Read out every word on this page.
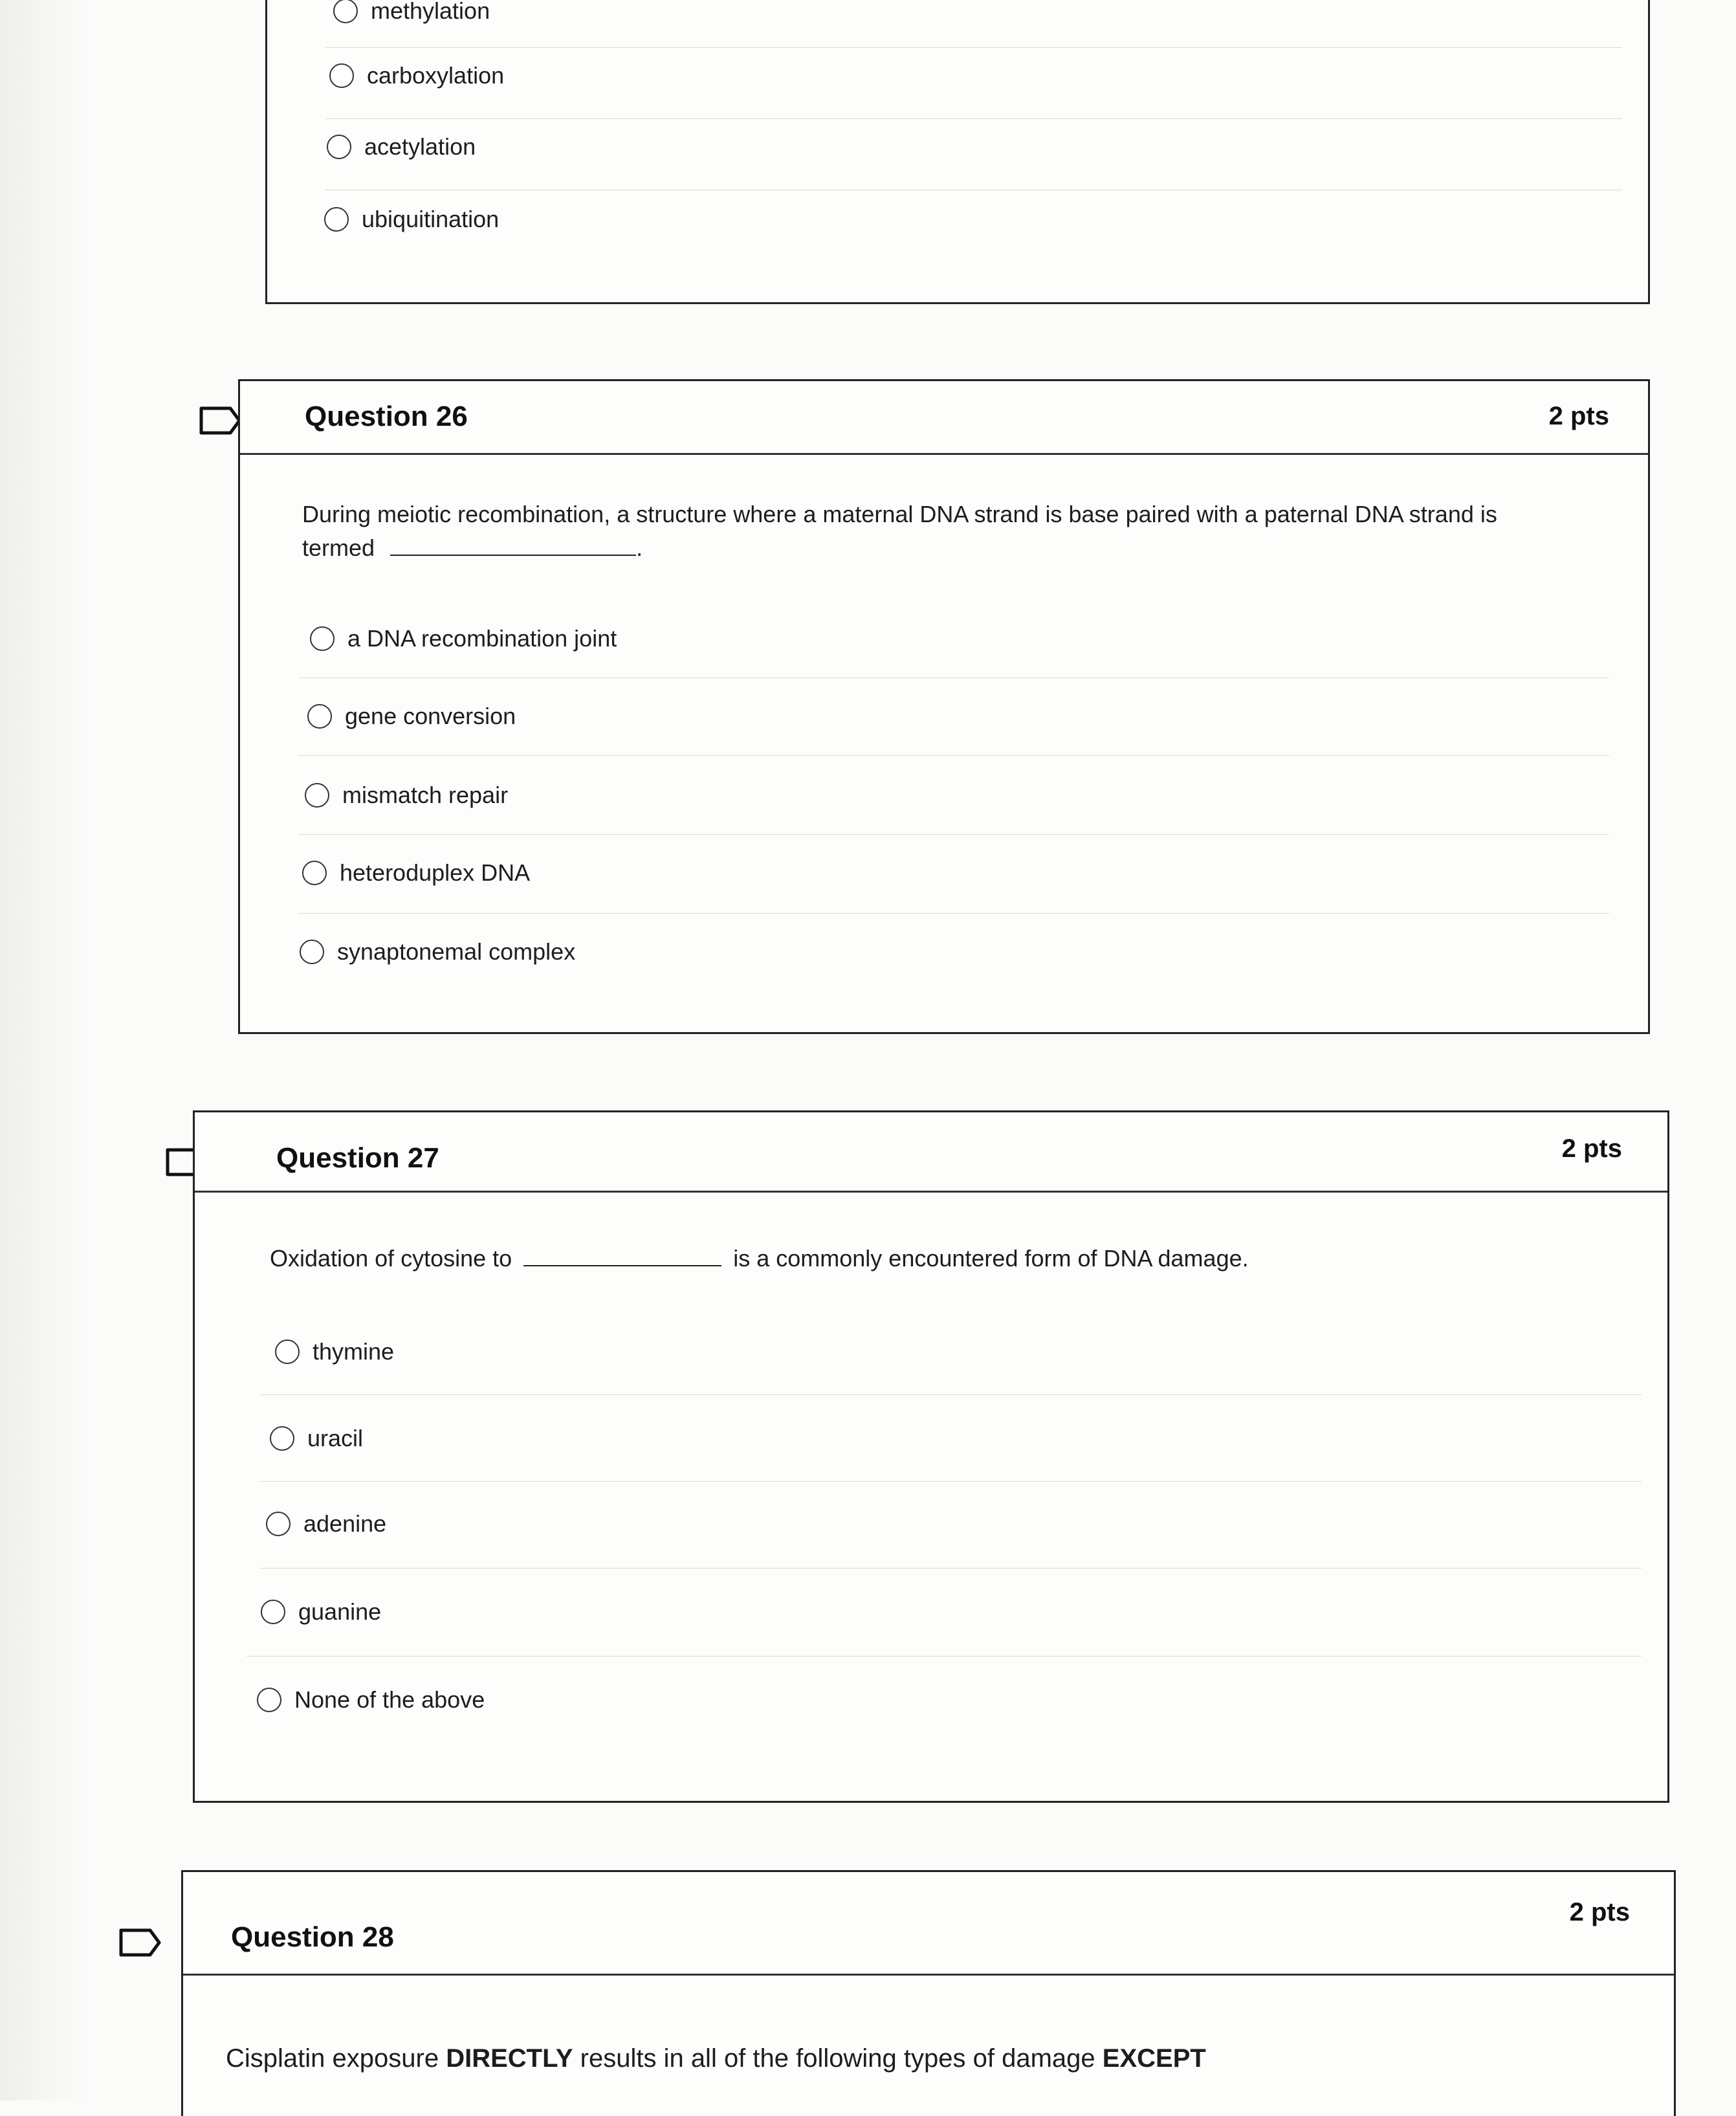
methylation
carboxylation
acetylation
ubiquitination
Question 26	2 pts
During meiotic recombination, a structure where a maternal DNA strand is base paired with a paternal DNA strand is
termed	.
a DNA recombination joint
gene conversion
mismatch repair
heteroduplex DNA
synaptonemal complex
Question 27	2 pts
Oxidation of cytosine to	is a commonly encountered form of DNA damage.
thymine
uracil
adenine
guanine
None of the above
Question 28
2 pts
Cisplatin exposure DIRECTLY results in all of the following types of damage EXCEPT
